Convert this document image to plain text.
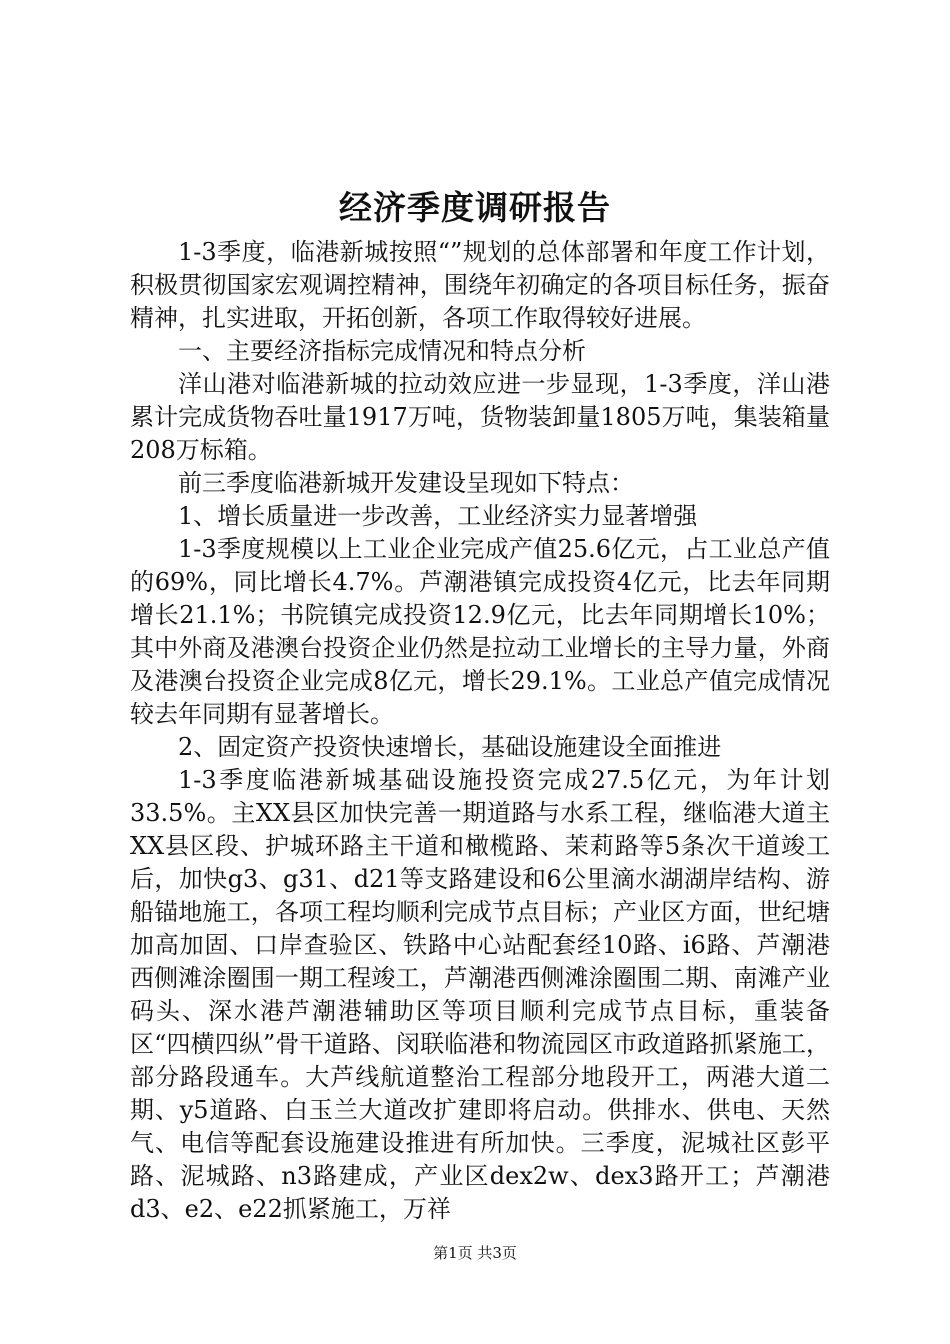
经济季度调研报告

1-3季度，临港新城按照“”规划的总体部署和年度工作计划，积极贯彻国家宏观调控精神，围绕年初确定的各项目标任务，振奋精神，扎实进取，开拓创新，各项工作取得较好进展。

一、主要经济指标完成情况和特点分析

洋山港对临港新城的拉动效应进一步显现，1-3季度，洋山港累计完成货物吞吐量1917万吨，货物装卸量1805万吨，集装箱量208万标箱。

前三季度临港新城开发建设呈现如下特点：

1、增长质量进一步改善，工业经济实力显著增强

1-3季度规模以上工业企业完成产值25.6亿元，占工业总产值的69%，同比增长4.7%。芦潮港镇完成投资4亿元，比去年同期增长21.1%；书院镇完成投资12.9亿元，比去年同期增长10%；其中外商及港澳台投资企业仍然是拉动工业增长的主导力量，外商及港澳台投资企业完成8亿元，增长29.1%。工业总产值完成情况较去年同期有显著增长。

2、固定资产投资快速增长，基础设施建设全面推进

1-3季度临港新城基础设施投资完成27.5亿元，为年计划33.5%。主XX县区加快完善一期道路与水系工程，继临港大道主XX县区段、护城环路主干道和橄榄路、茉莉路等5条次干道竣工后，加快g3、g31、d21等支路建设和6公里滴水湖湖岸结构、游船锚地施工，各项工程均顺利完成节点目标；产业区方面，世纪塘加高加固、口岸查验区、铁路中心站配套经10路、i6路、芦潮港西侧滩涂圈围一期工程竣工，芦潮港西侧滩涂圈围二期、南滩产业码头、深水港芦潮港辅助区等项目顺利完成节点目标，重装备区“四横四纵”骨干道路、闵联临港和物流园区市政道路抓紧施工，部分路段通车。大芦线航道整治工程部分地段开工，两港大道二期、y5道路、白玉兰大道改扩建即将启动。供排水、供电、天然气、电信等配套设施建设推进有所加快。三季度，泥城社区彭平路、泥城路、n3路建成，产业区dex2w、dex3路开工；芦潮港d3、e2、e22抓紧施工，万祥

第1页 共3页
